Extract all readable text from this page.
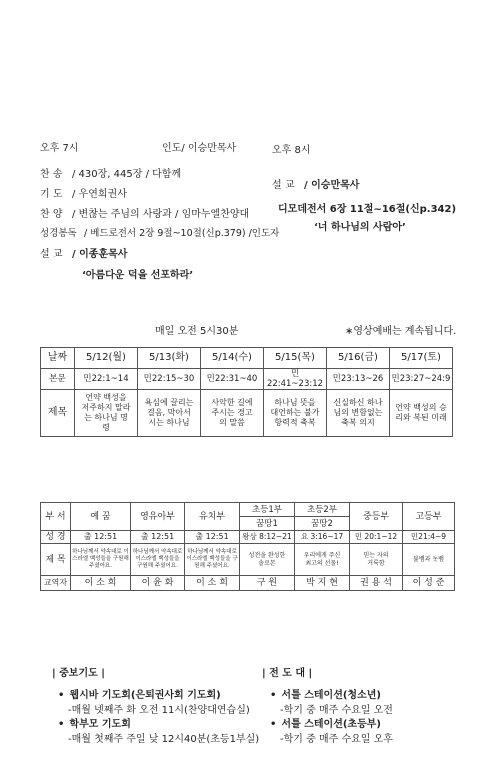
오후 7시	인도/ 이승만목사
찬 송 / 430장, 445장 / 다함께
기 도 / 우연희권사
찬 양 / 변찮는 주님의 사랑과 / 임마누엘찬양대
성경봉독 / 베드로전서 2장 9절~10절(신p.379) /인도자
설 교 / 이종훈목사
‘아름다운 덕을 선포하라’
오후 8시
설 교 / 이승만목사
디모데전서 6장 11절~16절(신p.342)
‘너 하나님의 사람아’
매일 오전 5시30분	∗영상예배는 계속됩니다.
날짜	5/12(월)	5/13(화)	5/14(수)	5/15(목)	5/16(금)	5/17(토)
본문	민22:1~14	민22:15~30	민22:31~40	민22:41~23:12	민23:13~26	민23:27~24:9
제목	언약 백성을 저주하지 말라는 하나님 명령	욕심에 끌리는 걸음, 막아서시는 하나님	사악한 길에 주시는 경고의 말씀	하나님 뜻을 대언하는 불가항력적 축복	신실하신 하나님의 변함없는 축복 의지	언약 백성의 승리와 복된 미래
부 서	예 꿈	영유아부	유치부	초등1부	초등2부	중등부	고등부
				꿈땅1	꿈땅2		
성 경	출 12:51	출 12:51	출 12:51	왕상 8:12~21	요 3:16~17	민 20:1~12	민21:4~9
제 목	하나님께서 약속대로 이스라엘 백성들을 구원해 주셨어요.	하나님께서 약속대로 이스라엘 백성들을 구원해 주셨어요.	하나님께서 약속대로 이스라엘 백성들을 구원해 주셨어요.	성전을 완성한 솔로몬	우리에게 주신 최고의 선물!	믿는 자의 거룩함	불뱀과 놋뱀
교역자	이 소 희	이 윤 화	이 소 희	구 원	박 지 현	권 용 석	이 성 준
| 중보기도 |
• 웹시바 기도회(은퇴권사회 기도회)
-매월 넷째주 화 오전 11시(찬양대연습실)
• 학부모 기도회
-매월 첫째주 주일 낮 12시40분(초등1부실)
| 전 도 대 |
• 서틀 스테이션(청소년)
-학기 중 매주 수요일 오전
• 서틀 스테이션(초등부)
-학기 중 매주 수요일 오후
